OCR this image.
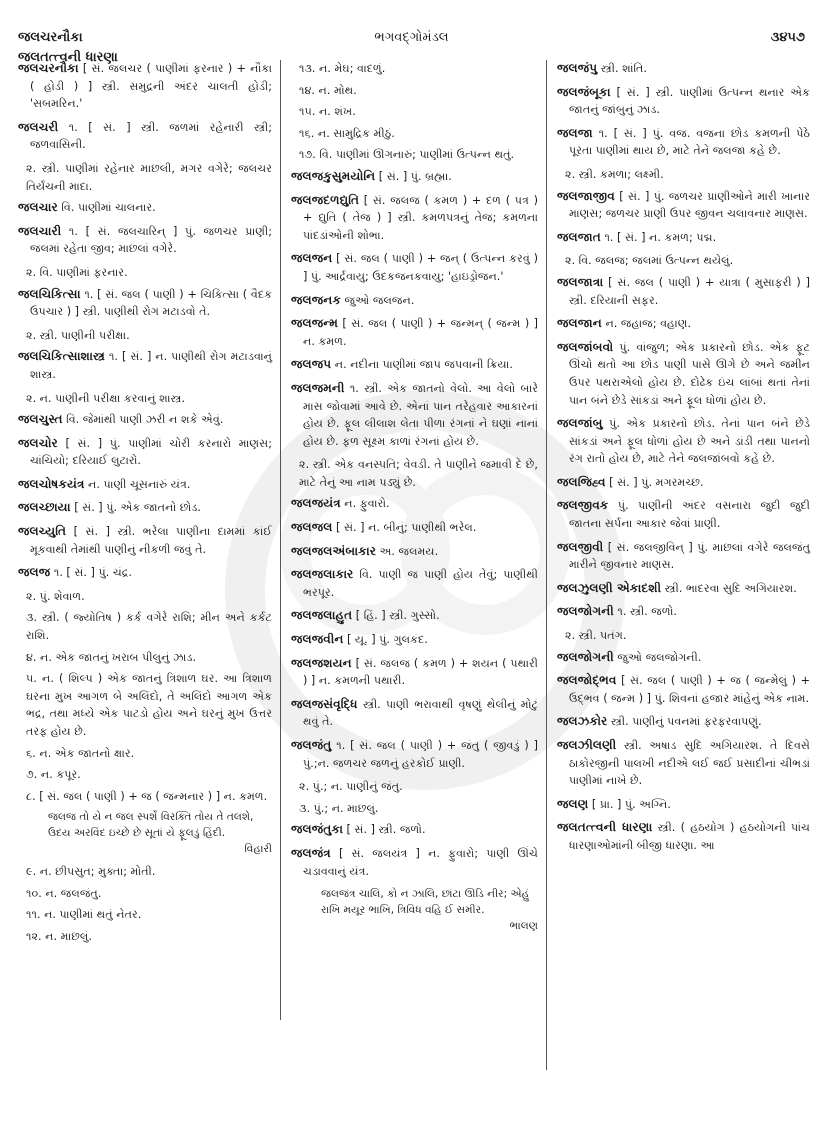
જલચરનૌકા
જલતત્ત્વની ધારણા
ભગવદ્ગોમંડલ	૩૪૫૭
જલચરનૌકા [ સં. જલચર ( પાણીમાં ફરનાર ) + નૌકા ( હોડી ) ] સ્ત્રી. સમુદ્રની અંદર ચાલતી હોડી; 'સબમરિન.'
જલચરી ૧. [ સં. ] સ્ત્રી. જળમાં રહેનારી સ્ત્રી; જળવાસિની.
૨. સ્ત્રી. પાણીમાં રહેનાર માછલી, મગર વગેરે; જલચર તિર્યંચની માદા.
જલચાર વિ. પાણીમાં ચાલનાર.
જલચારી ૧. [ સં. જલચારિન્ ] પું. જળચર પ્રાણી; જલમાં રહેતા જીવ; માછલાં વગેરે.
૨. વિ. પાણીમાં ફરનાર.
જલચિકિત્સા ૧. [ સં. જલ ( પાણી ) + ચિકિત્સા ( વૈદક ઉપચાર ) ] સ્ત્રી. પાણીથી રોગ મટાડવો તે.
૨. સ્ત્રી. પાણીની પરીક્ષા.
જલચિકિત્સાશાસ્ત્ર ૧. [ સં. ] ન. પાણીથી રોગ મટાડવાનું શાસ્ત્ર.
૨. ન. પાણીની પરીક્ષા કરવાનું શાસ્ત્ર.
જલચુસ્ત વિ. જેમાંથી પાણી ઝરી ન શકે એવું.
જલચોર [ સં. ] પું. પાણીમાં ચોરી કરનારો માણસ; ચાંચિયો; દરિયાઈ લુટારો.
જલચોષકયંત્ર ન. પાણી ચૂસનારું યંત્ર.
જલચ્છાયા [ સં. ] પું. એક જાતનો છોડ.
જલચ્યુતિ [ સં. ] સ્ત્રી. ભરેલા પાણીના દામમાં કાંઈ મૂકવાથી તેમાંથી પાણીનું નીકળી જવું તે.
જલજ ૧. [ સં. ] પું. ચંદ્ર.
૨. પું. શેવાળ.
૩. સ્ત્રી. ( જ્યોતિષ ) કર્ક વગેરે રાશિ; મીન અને કર્કટ રાશિ.
૪. ન. એક જાતનું ખરાબ પીલુનું ઝાડ.
૫. ન. ( શિલ્પ ) એક જાતનું ત્રિશાળ ઘર. આ ત્રિશાળ ઘરના મુખ આગળ બે અલિંદો, તે અલિંદો આગળ એક ભદ્ર, તથા મધ્યે એક પાટડો હોય અને ઘરનું મુખ ઉત્તર તરફ હોય છે.
૬. ન. એક જાતનો ક્ષાર.
૭. ન. કપૂર.
૮. [ સં. જલ ( પાણી ) + જ ( જન્મનાર ) ] ન. કમળ.
જલજ તો યે ન જલ સ્પર્શે વિરક્તિ તોય તે તલશે, ઉદય અરવિંદ ઇચ્છે છે સૂતાં યે ફૂલડું હિંદી.
વિહારી
૯. ન. છીપસુત; મુક્તા; મોતી.
૧૦. ન. જલજંતુ.
૧૧. ન. પાણીમાં થતું નેતર.
૧૨. ન. માછલું.
૧૩. ન. મેઘ; વાદળું.
૧૪. ન. મોથ.
૧૫. ન. શંખ.
૧૬. ન. સામુદ્રિક મીઠું.
૧૭. વિ. પાણીમાં ઊગનારું; પાણીમાં ઉત્પન્ન થતું.
જલજકુસુમયોનિ [ સં. ] પું. બ્રહ્મા.
જલજદળદ્યુતિ [ સં. જલજ ( કમળ ) + દળ ( પત્ર ) + દ્યુતિ ( તેજ ) ] સ્ત્રી. કમળપત્રનું તેજ; કમળના પાંદડાંઓની શોભા.
જલજન [ સં. જલ ( પાણી ) + જન્ ( ઉત્પન્ન કરવું ) ] પું. આર્દ્રવાયુ; ઉદકજનકવાયુ; 'હાઇડ્રોજન.'
જલજનક જુઓ જલજન.
જલજન્મ [ સં. જલ ( પાણી ) + જન્મન્ ( જન્મ ) ] ન. કમળ.
જલજપ ન. નદીના પાણીમાં જાપ જપવાની ક્રિયા.
જલજમની ૧. સ્ત્રી. એક જાતનો વેલો. આ વેલો બારે માસ જોવામાં આવે છે. એનાં પાન તરેહવાર આકારનાં હોય છે. ફૂલ લીલાશ લેતા પીળા રંગનાં ને ઘણાં નાનાં હોય છે. ફળ સૂક્ષ્મ કાળાં રંગનાં હોય છે.
૨. સ્ત્રી. એક વનસ્પતિ; વેવડી. તે પાણીને જમાવી દે છે, માટે તેનું આ નામ પડ્યું છે.
જલજયંત્ર ન. ફુવારો.
જલજલ [ સં. ] ન. બીનું; પાણીથી ભરેલ.
જલજલઅંબાકાર અ. જલમય.
જલજલાકાર વિ. પાણી જ પાણી હોય તેવું; પાણીથી ભરપૂર.
જલજલાહુત [ હિં. ] સ્ત્રી. ગુસ્સો.
જલજવીન [ યૂ. ] પું. ગુલકંદ.
જલજશયન [ સં. જલજ ( કમળ ) + શયન ( પથારી ) ] ન. કમળની પથારી.
જલજસંવૃદ્ધિ સ્ત્રી. પાણી ભરાવાથી વૃષણું થેલીનું મોટું થવું તે.
જલજંતુ ૧. [ સં. જલ ( પાણી ) + જંતુ ( જીવડું ) ] પું.;ન. જળચર જળનું હરકોઈ પ્રાણી.
૨. પું.; ન. પાણીનું જંતુ.
૩. પું.; ન. માછલું.
જલજંતુકા [ સં. ] સ્ત્રી. જળો.
જલજંત્ર [ સં. જલયંત્ર ] ન. ફુવારો; પાણી ઊંચે ચડાવવાનું યંત્ર.
જલજંત્ર ચાલિ, કો ન ઝાલિ, છાંટા ઊડિ નીર; એહું રાખિ મયૂર ભાખિ, ત્રિવિધ વહિ ઈ સમીર.
ભાલણ
જલજંપુ સ્ત્રી. શાંતિ.
જલજંબૂકા [ સં. ] સ્ત્રી. પાણીમાં ઉત્પન્ન થનાર એક જાતનું જાંબુનું ઝાડ.
જલજા ૧. [ સં. ] પું. વજ. વજના છોડ કમળની પેઠે પૂરતા પાણીમાં થાય છે, માટે તેને જલજા કહે છે.
૨. સ્ત્રી. કમળા; લક્ષ્મી.
જલજાજીવ [ સં. ] પું. જળચર પ્રાણીઓને મારી ખાનાર માણસ; જળચર પ્રાણી ઉપર જીવન ચલાવનાર માણસ.
જલજાત ૧. [ સં. ] ન. કમળ; પદ્મ.
૨. વિ. જલજ; જલમાં ઉત્પન્ન થયેલું.
જલજાત્રા [ સં. જલ ( પાણી ) + યાત્રા ( મુસાફરી ) ] સ્ત્રી. દરિયાની સફર.
જલજાન ન. જહાજ; વહાણ.
જલજાંબવો પું. વાંજુળ; એક પ્રકારનો છોડ. એક ફૂટ ઊંચો થતો આ છોડ પાણી પાસે ઊગે છે અને જમીન ઉપર પથરાએલો હોય છે. દોઢેક ઇંચ લાંબાં થતાં તેનાં પાન બંને છેડે સાંકડાં અને ફૂલ ધોળાં હોય છે.
જલજાંબુ પું. એક પ્રકારનો છોડ. તેનાં પાન બંને છેડે સાંકડાં અને ફૂલ ધોળાં હોય છે અને ડાંડી તથા પાનનો રંગ રાતો હોય છે, માટે તેને જલજાંબવો કહે છે.
જલજિહ્વ [ સં. ] પું. મગરમચ્છ.
જલજીવક પું. પાણીની અંદર વસનારા જુદી જુદી જાતના સર્પના આકાર જેવાં પ્રાણી.
જલજીવી [ સં. જલજીવિન્ ] પું. માછલાં વગેરે જલજંતુ મારીને જીવનાર માણસ.
જલઝુલણી એકાદશી સ્ત્રી. ભાદરવા સુદિ અગિયારશ.
જલજોગની ૧. સ્ત્રી. જળો.
૨. સ્ત્રી. પતંગ.
જલજોગની જુઓ જલજોગની.
જલજોદ્ભવ [ સં. જલ ( પાણી ) + જ ( જન્મેલું ) + ઉદ્ભવ ( જન્મ ) ] પું. શિવનાં હજાર માંહેનું એક નામ.
જલઝકોર સ્ત્રી. પાણીનું પવનમાં ફરફરવાપણું.
જલઝીલણી સ્ત્રી. અષાડ સુદિ અગિયારશ. તે દિવસે ઠાકોરજીની પાલખી નદીએ લઈ જઈ પ્રસાદીનાં ચીભડાં પાણીમાં નાખે છે.
જલણ [ પ્રા. ] પું. અગ્નિ.
જલતત્ત્વની ધારણા સ્ત્રી. ( હઠયોગ ) હઠયોગની પાંચ ધારણાઓમાંની બીજી ધારણા. આ
